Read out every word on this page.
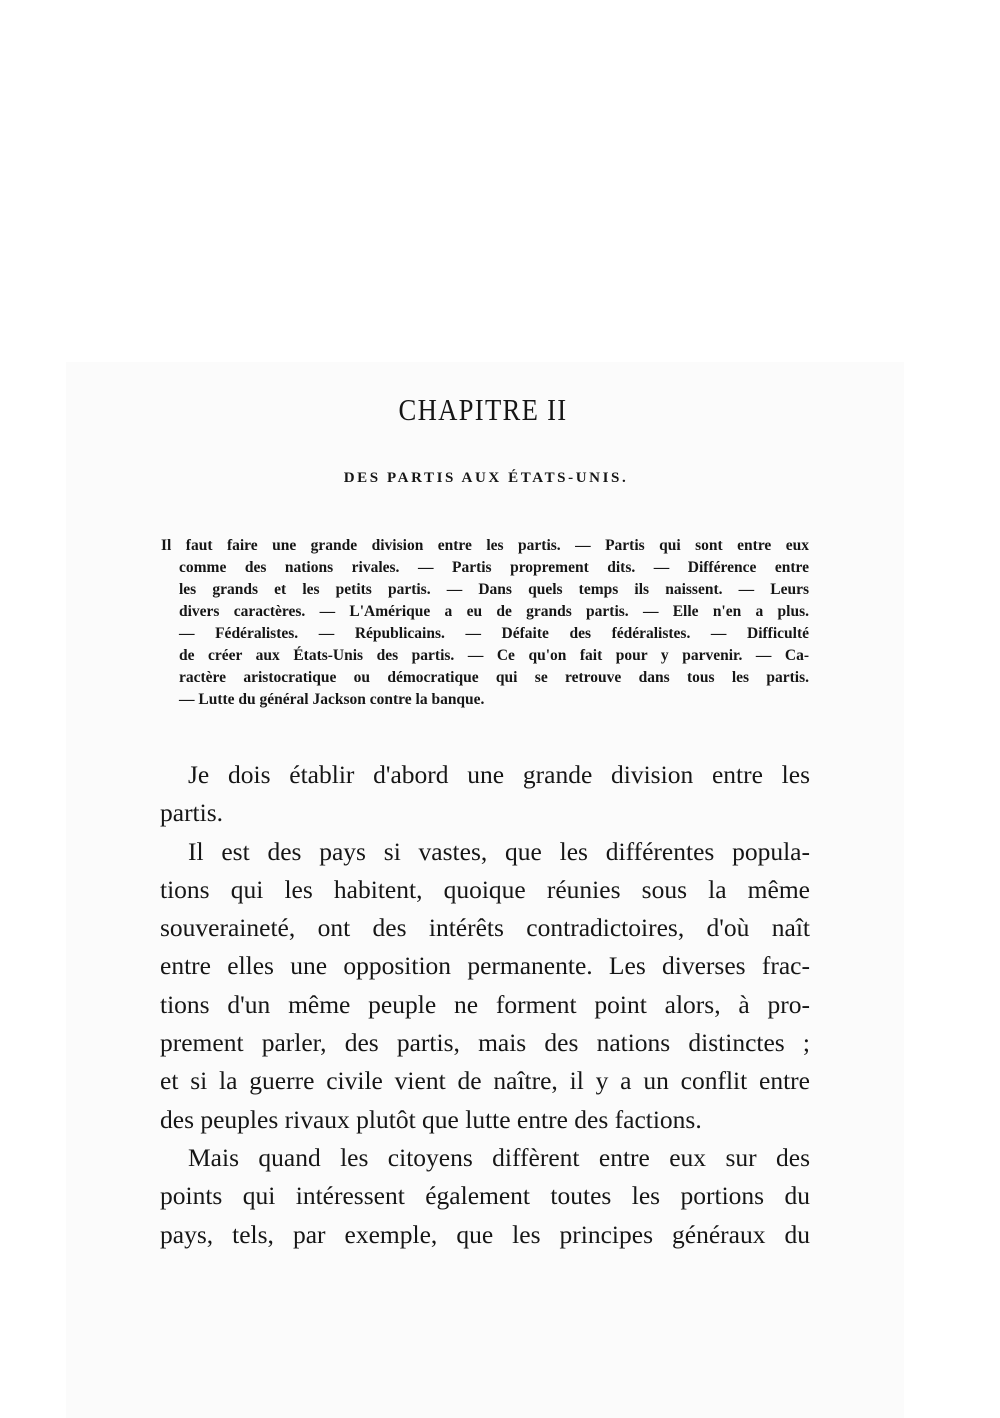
CHAPITRE II
DES PARTIS AUX ÉTATS-UNIS.
Il faut faire une grande division entre les partis. — Partis qui sont entre eux
comme des nations rivales. — Partis proprement dits. — Différence entre
les grands et les petits partis. — Dans quels temps ils naissent. — Leurs
divers caractères. — L'Amérique a eu de grands partis. — Elle n'en a plus.
— Fédéralistes. — Républicains. — Défaite des fédéralistes. — Difficulté
de créer aux États-Unis des partis. — Ce qu'on fait pour y parvenir. — Ca-
ractère aristocratique ou démocratique qui se retrouve dans tous les partis.
— Lutte du général Jackson contre la banque.
Je dois établir d'abord une grande division entre les
partis.
Il est des pays si vastes, que les différentes popula-
tions qui les habitent, quoique réunies sous la même
souveraineté, ont des intérêts contradictoires, d'où naît
entre elles une opposition permanente. Les diverses frac-
tions d'un même peuple ne forment point alors, à pro-
prement parler, des partis, mais des nations distinctes ;
et si la guerre civile vient de naître, il y a un conflit entre
des peuples rivaux plutôt que lutte entre des factions.
Mais quand les citoyens diffèrent entre eux sur des
points qui intéressent également toutes les portions du
pays, tels, par exemple, que les principes généraux du
